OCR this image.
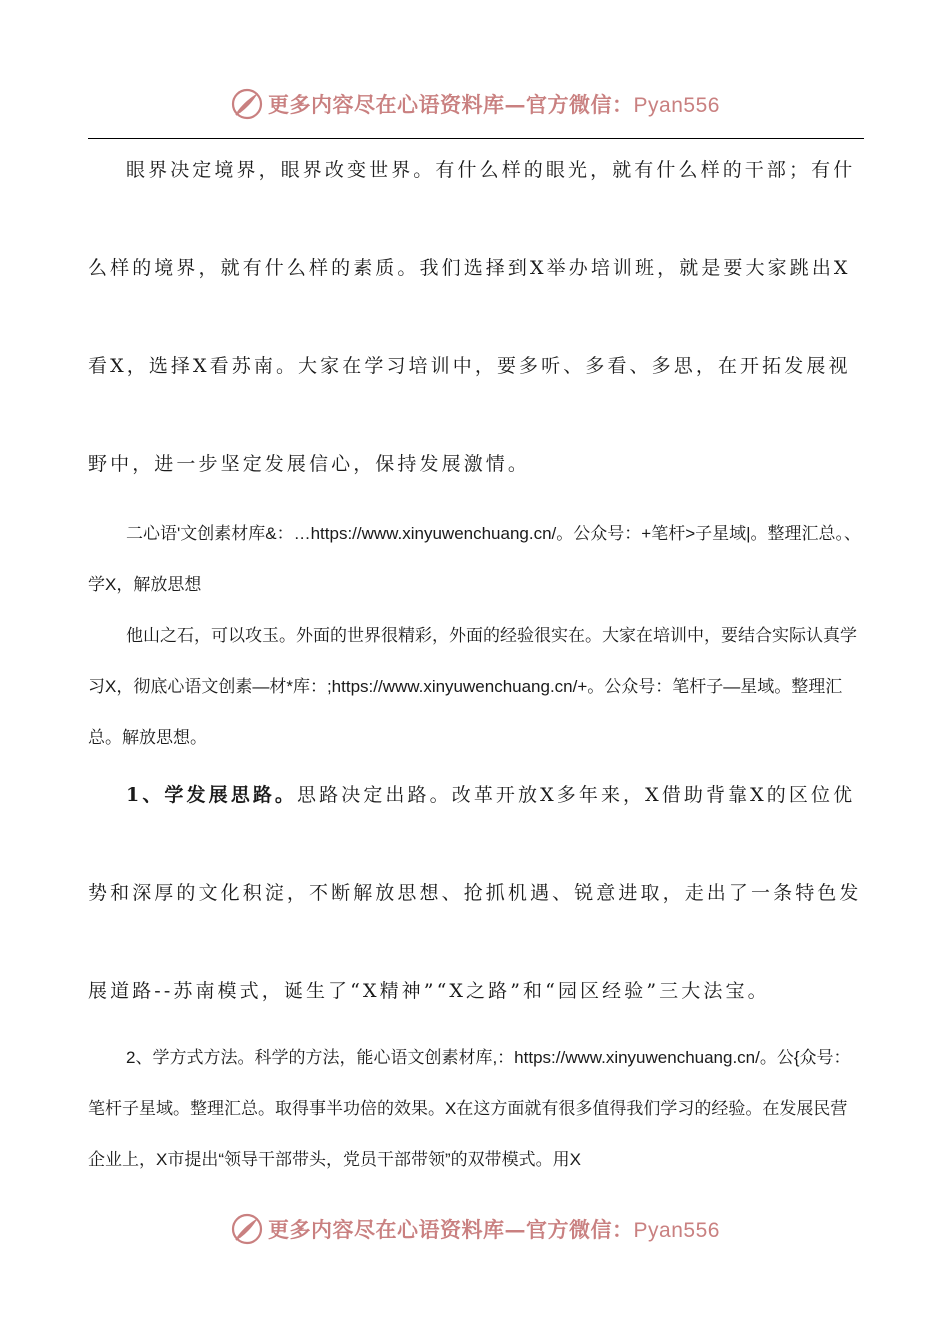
更多内容尽在心语资料库—官方微信：Pyan556
眼界决定境界，眼界改变世界。有什么样的眼光，就有什么样的干部；有什么样的境界，就有什么样的素质。我们选择到X举办培训班，就是要大家跳出X看X，选择X看苏南。大家在学习培训中，要多听、多看、多思，在开拓发展视野中，进一步坚定发展信心，保持发展激情。
二心语'文创素材库&：…https://www.xinyuwenchuang.cn/。公众号：+笔杆>子星域|。整理汇总。、学X，解放思想
他山之石，可以攻玉。外面的世界很精彩，外面的经验很实在。大家在培训中，要结合实际认真学习X，彻底心语文创素—材*库：;https://www.xinyuwenchuang.cn/+。公众号：笔杆子—星域。整理汇总。解放思想。
1、学发展思路。思路决定出路。改革开放X多年来，X借助背靠X的区位优势和深厚的文化积淀，不断解放思想、抢抓机遇、锐意进取，走出了一条特色发展道路--苏南模式，诞生了“X精神”“X之路”和“园区经验”三大法宝。
2、学方式方法。科学的方法，能心语文创素材库,：https://www.xinyuwenchuang.cn/。公{众号：笔杆子星域。整理汇总。取得事半功倍的效果。X在这方面就有很多值得我们学习的经验。在发展民营企业上，X市提出“领导干部带头，党员干部带领”的双带模式。用X
更多内容尽在心语资料库—官方微信：Pyan556
